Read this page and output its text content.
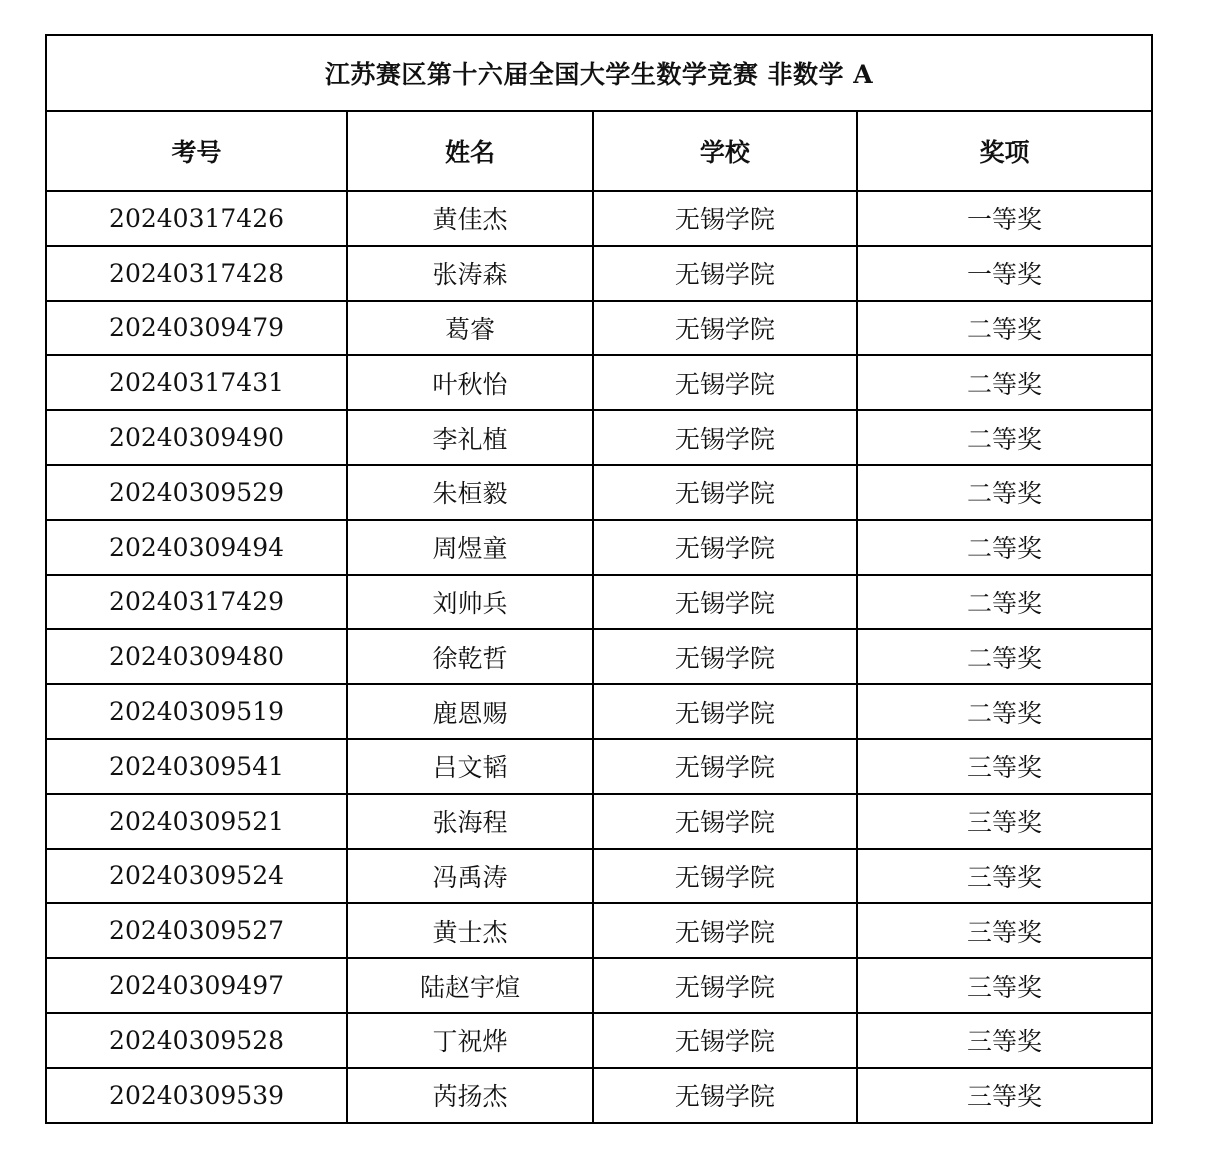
江苏赛区第十六届全国大学生数学竞赛 非数学 A			
考号	姓名	学校	奖项
20240317426	黄佳杰	无锡学院	一等奖
20240317428	张涛森	无锡学院	一等奖
20240309479	葛睿	无锡学院	二等奖
20240317431	叶秋怡	无锡学院	二等奖
20240309490	李礼植	无锡学院	二等奖
20240309529	朱桓毅	无锡学院	二等奖
20240309494	周煜童	无锡学院	二等奖
20240317429	刘帅兵	无锡学院	二等奖
20240309480	徐乾哲	无锡学院	二等奖
20240309519	鹿恩赐	无锡学院	二等奖
20240309541	吕文韬	无锡学院	三等奖
20240309521	张海程	无锡学院	三等奖
20240309524	冯禹涛	无锡学院	三等奖
20240309527	黄士杰	无锡学院	三等奖
20240309497	陆赵宇煊	无锡学院	三等奖
20240309528	丁祝烨	无锡学院	三等奖
20240309539	芮扬杰	无锡学院	三等奖
